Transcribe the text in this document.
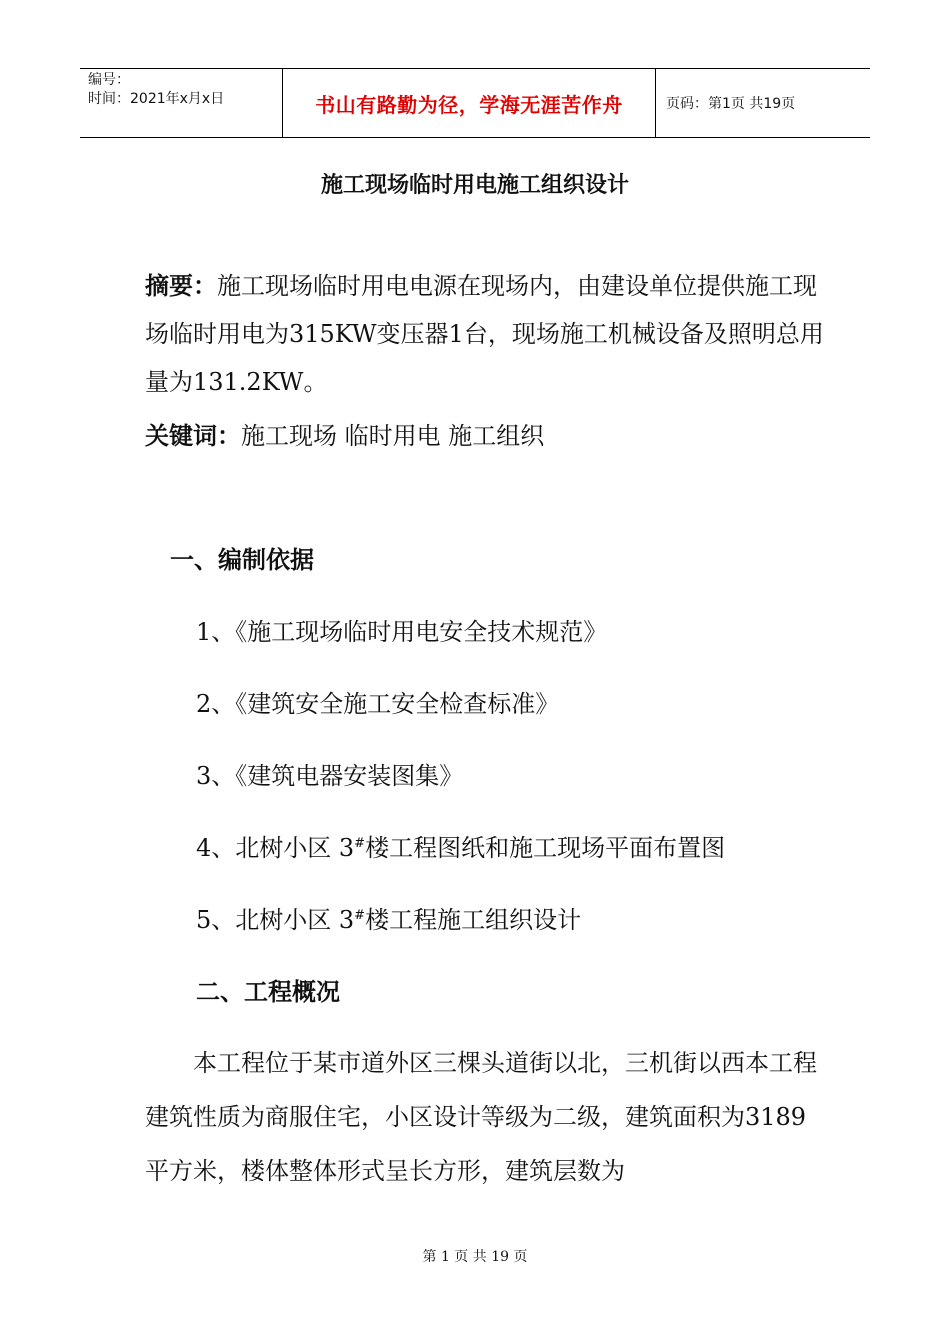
编号：
时间：2021年x月x日	书山有路勤为径，学海无涯苦作舟	页码：第1页 共19页
施工现场临时用电施工组织设计
摘要：施工现场临时用电电源在现场内，由建设单位提供施工现场临时用电为315KW变压器1台，现场施工机械设备及照明总用量为131.2KW。
关键词：施工现场 临时用电 施工组织
一、编制依据
1、《施工现场临时用电安全技术规范》
2、《建筑安全施工安全检查标准》
3、《建筑电器安装图集》
4、北树小区 3#楼工程图纸和施工现场平面布置图
5、北树小区 3#楼工程施工组织设计
二、工程概况
本工程位于某市道外区三棵头道街以北，三机街以西本工程建筑性质为商服住宅，小区设计等级为二级，建筑面积为3189平方米，楼体整体形式呈长方形，建筑层数为
第 1 页 共 19 页
